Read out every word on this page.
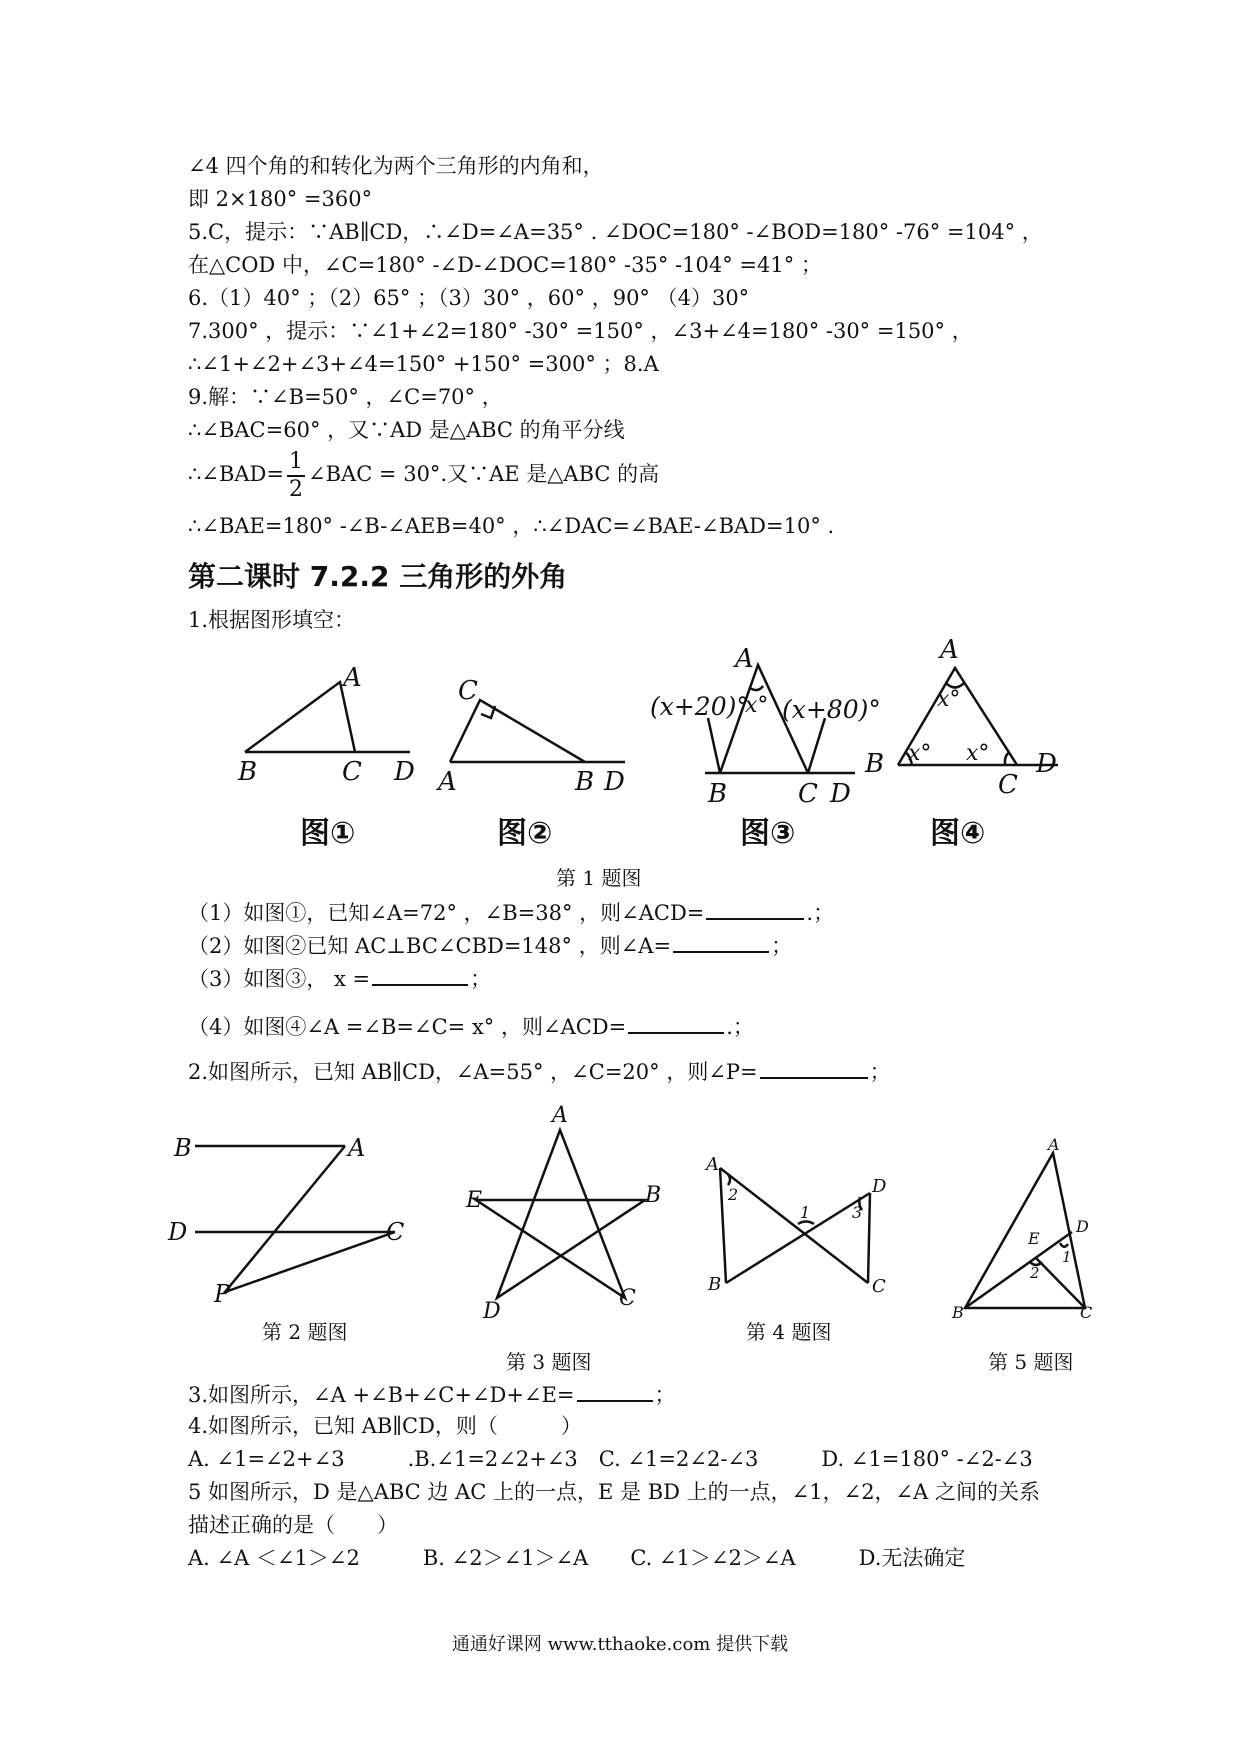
∠4 四个角的和转化为两个三角形的内角和，
即 2×180° =360°
5.C，提示：∵AB∥CD，∴∠D=∠A=35° . ∠DOC=180° -∠BOD=180° -76° =104° ，
在△COD 中，∠C=180° -∠D-∠DOC=180° -35° -104° =41° ；
6.（1）40° ；（2）65° ；（3）30° ，60° ，90° （4）30°
7.300° ，提示：∵∠1+∠2=180° -30° =150° ，∠3+∠4=180° -30° =150° ，
∴∠1+∠2+∠3+∠4=150° +150° =300° ；8.A
9.解：∵∠B=50° ，∠C=70° ，
∴∠BAC=60° ，又∵AD 是△ABC 的角平分线
∴∠BAD= $\frac{1}{2}$ ∠BAC = 30°.又∵AE 是△ABC 的高
∴∠BAE=180° -∠B-∠AEB=40° ，∴∠DAC=∠BAE-∠BAD=10° .
第二课时 7.2.2 三角形的外角
1.根据图形填空：
A
B	C D
C
A	B D
A
B	C D
(x+20)°
x° (x+80)°
A
B
C
D
x°
x° x°
B	A
D	C
P
A
E	B
D
C
A
D
B	C
2
1	3
A
D
E
1
2
B	C
图①	图②	图③	图④
第 1 题图
（1）如图①，已知∠A=72° ，∠B=38° ，则∠ACD=	.；
（2）如图②已知 AC⊥BC∠CBD=148° ，则∠A=	；
（3）如图③， x =	；
（4）如图④∠A =∠B=∠C= x° ，则∠ACD=	.；
2.如图所示，已知 AB∥CD，∠A=55° ，∠C=20° ，则∠P=	；
第 2 题图
第 3 题图
第 4 题图
第 5 题图
3.如图所示，∠A +∠B+∠C+∠D+∠E=	；
4.如图所示，已知 AB∥CD，则（　　　）
A. ∠1=∠2+∠3　　　.B.∠1=2∠2+∠3　C. ∠1=2∠2-∠3　　　D. ∠1=180° -∠2-∠3
5 如图所示，D 是△ABC 边 AC 上的一点，E 是 BD 上的一点，∠1，∠2，∠A 之间的关系
描述正确的是（　　）
A. ∠A ＜∠1＞∠2　　　B. ∠2＞∠1＞∠A　　C. ∠1＞∠2＞∠A　　　D.无法确定
通通好课网 www.tthaoke.com 提供下载
